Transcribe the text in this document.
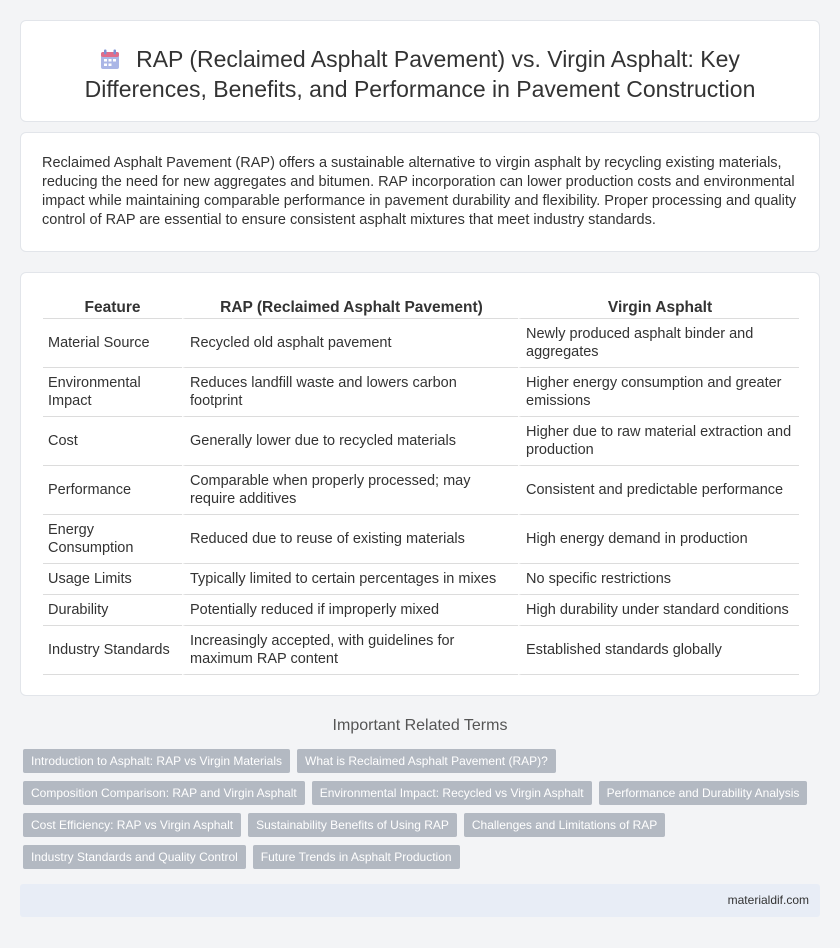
RAP (Reclaimed Asphalt Pavement) vs. Virgin Asphalt: Key Differences, Benefits, and Performance in Pavement Construction

Reclaimed Asphalt Pavement (RAP) offers a sustainable alternative to virgin asphalt by recycling existing materials, reducing the need for new aggregates and bitumen. RAP incorporation can lower production costs and environmental impact while maintaining comparable performance in pavement durability and flexibility. Proper processing and quality control of RAP are essential to ensure consistent asphalt mixtures that meet industry standards.

Feature	RAP (Reclaimed Asphalt Pavement)	Virgin Asphalt
Material Source	Recycled old asphalt pavement	Newly produced asphalt binder and aggregates
Environmental Impact	Reduces landfill waste and lowers carbon footprint	Higher energy consumption and greater emissions
Cost	Generally lower due to recycled materials	Higher due to raw material extraction and production
Performance	Comparable when properly processed; may require additives	Consistent and predictable performance
Energy Consumption	Reduced due to reuse of existing materials	High energy demand in production
Usage Limits	Typically limited to certain percentages in mixes	No specific restrictions
Durability	Potentially reduced if improperly mixed	High durability under standard conditions
Industry Standards	Increasingly accepted, with guidelines for maximum RAP content	Established standards globally
Important Related Terms
Introduction to Asphalt: RAP vs Virgin Materials	What is Reclaimed Asphalt Pavement (RAP)?
Composition Comparison: RAP and Virgin Asphalt	Environmental Impact: Recycled vs Virgin Asphalt	Performance and Durability Analysis
Cost Efficiency: RAP vs Virgin Asphalt	Sustainability Benefits of Using RAP	Challenges and Limitations of RAP
Industry Standards and Quality Control	Future Trends in Asphalt Production
materialdif.com
